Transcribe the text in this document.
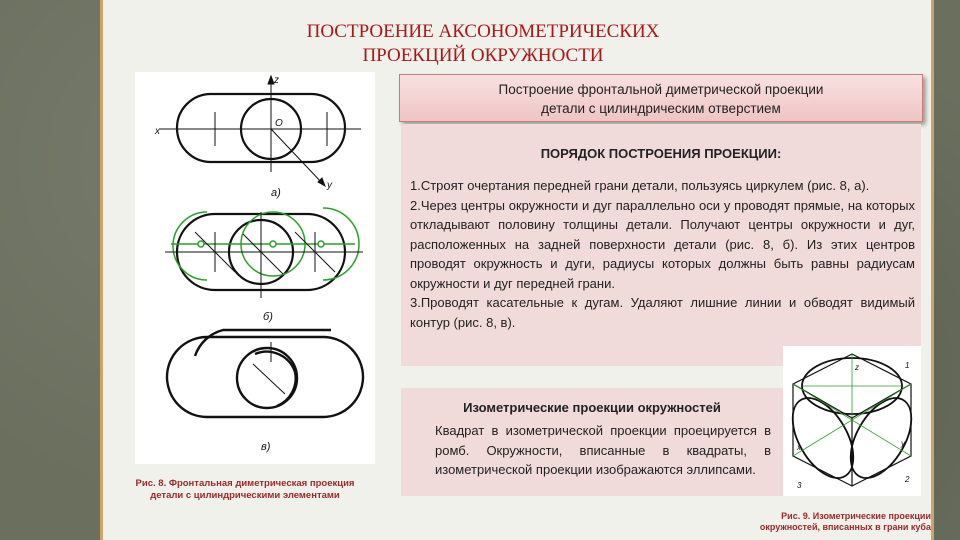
ПОСТРОЕНИЕ АКСОНОМЕТРИЧЕСКИХ
ПРОЕКЦИЙ ОКРУЖНОСТИ
z
x
O
y
а)
б)
в)
Рис. 8. Фронтальная диметрическая проекция
детали с цилиндрическими элементами
Построение фронтальной диметрической проекции
детали с цилиндрическим отверстием
ПОРЯДОК ПОСТРОЕНИЯ ПРОЕКЦИИ:

1.Строят очертания передней грани детали, пользуясь циркулем (рис. 8, а).

2.Через центры окружности и дуг параллельно оси у проводят прямые, на которых откладывают половину толщины детали. Получают центры окружности и дуг, расположенных на задней поверхности детали (рис. 8, б). Из этих центров проводят окружность и дуги, радиусы которых должны быть равны радиусам окружности и дуг передней грани.

3.Проводят касательные к дугам. Удаляют лишние линии и обводят видимый контур (рис. 8, в).

Изометрические проекции окружностей
Квадрат в изометрической проекции проецируется в ромб. Окружности, вписанные в квадраты, в изометрической проекции изображаются эллипсами.
z
x	y
1
2
3
Рис. 9. Изометрические проекции
окружностей, вписанных в грани куба
